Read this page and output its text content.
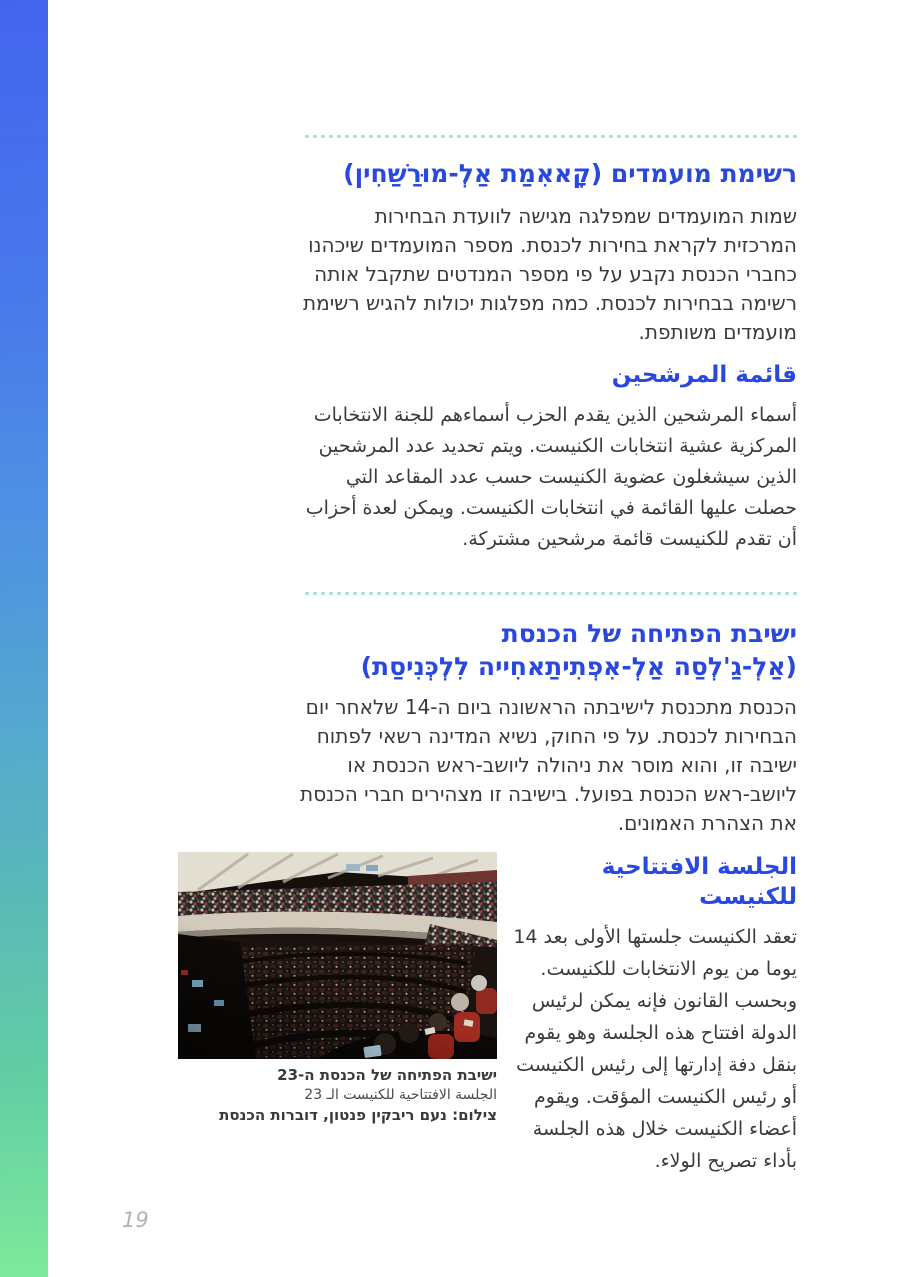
רשימת מועמדים (קָאאִמַת אַלְ-מוּרַשַׁחִין)

שמות המועמדים שמפלגה מגישה לוועדת הבחירות המרכזית לקראת בחירות לכנסת. מספר המועמדים שיכהנו כחברי הכנסת נקבע על פי מספר המנדטים שתקבל אותה רשימה בבחירות לכנסת. כמה מפלגות יכולות להגיש רשימת מועמדים משותפת.

قائمة المرشحين

أسماء المرشحين الذين يقدم الحزب أسماءهم للجنة الانتخابات المركزية عشية انتخابات الكنيست. ويتم تحديد عدد المرشحين الذين سيشغلون عضوية الكنيست حسب عدد المقاعد التي حصلت عليها القائمة في انتخابات الكنيست. ويمكن لعدة أحزاب أن تقدم للكنيست قائمة مرشحين مشتركة.

ישיבת הפתיחה של הכנסת
(אַלְ-גַ'לְסַה אַלְ-אִפְתִיתַאחִייה לִלְכְּנִיסַת)

הכנסת מתכנסת לישיבתה הראשונה ביום ה-14 שלאחר יום הבחירות לכנסת. על פי החוק, נשיא המדינה רשאי לפתוח ישיבה זו, והוא מוסר את ניהולה ליושב-ראש הכנסת או ליושב-ראש הכנסת בפועל. בישיבה זו מצהירים חברי הכנסת את הצהרת האמונים.

الجلسة الافتتاحية للكنيست

تعقد الكنيست جلستها الأولى بعد 14 يوما من يوم الانتخابات للكنيست. وبحسب القانون فإنه يمكن لرئيس الدولة افتتاح هذه الجلسة وهو يقوم بنقل دفة إدارتها إلى رئيس الكنيست أو رئيس الكنيست المؤقت. ويقوم أعضاء الكنيست خلال هذه الجلسة بأداء تصريح الولاء.

ישיבת הפתיחה של הכנסת ה-23
الجلسة الافتتاحية للكنيست الـ 23
צילום: נעם ריבקין פנטון, דוברות הכנסת
19
